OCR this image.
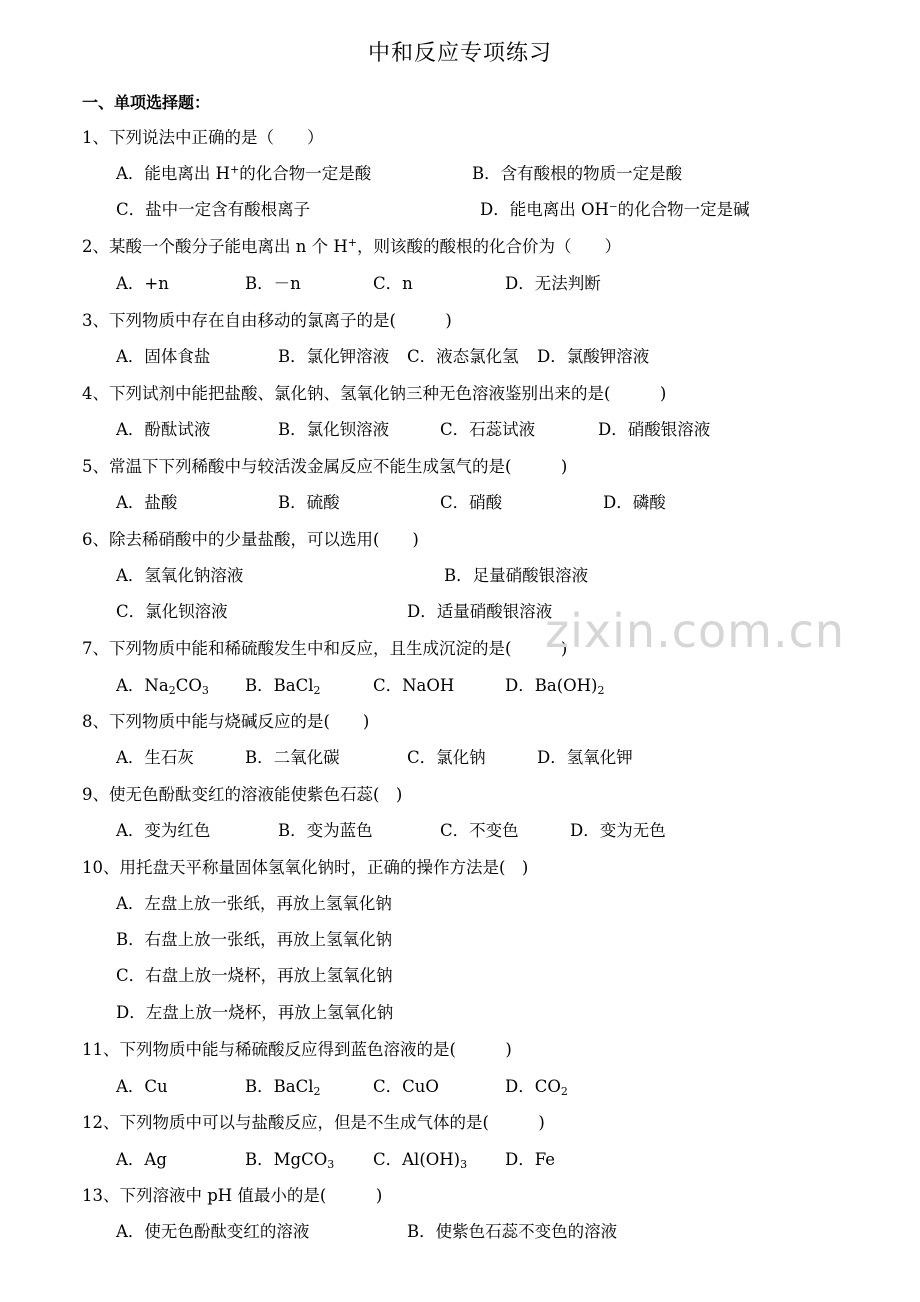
中和反应专项练习
一、单项选择题：
1、下列说法中正确的是（　　）
A．能电离出 H+的化合物一定是酸	B．含有酸根的物质一定是酸
C．盐中一定含有酸根离子	D．能电离出 OH⁻的化合物一定是碱
2、某酸一个酸分子能电离出 n 个 H+，则该酸的酸根的化合价为（　　）
A．+n	B．－n	C．n	D．无法判断
3、下列物质中存在自由移动的氯离子的是(　　　)
A．固体食盐	B．氯化钾溶液 C．液态氯化氢 D．氯酸钾溶液
4、下列试剂中能把盐酸、氯化钠、氢氧化钠三种无色溶液鉴别出来的是(　　　)
A．酚酞试液	B．氯化钡溶液	C．石蕊试液	D．硝酸银溶液
5、常温下下列稀酸中与较活泼金属反应不能生成氢气的是(　　　)
A．盐酸	B．硫酸	C．硝酸	D．磷酸
6、除去稀硝酸中的少量盐酸，可以选用(　　)
A．氢氧化钠溶液	B．足量硝酸银溶液
C．氯化钡溶液	D．适量硝酸银溶液
7、下列物质中能和稀硫酸发生中和反应，且生成沉淀的是(　　　)
A．$Na_2CO_3$ B．BaCl$_2$	C．NaOH	D．$Ba(OH)_2$
8、下列物质中能与烧碱反应的是(　　)
A．生石灰	B．二氧化碳	C．氯化钠	D．氢氧化钾
9、使无色酚酞变红的溶液能使紫色石蕊(　)
A．变为红色	B．变为蓝色	C．不变色	D．变为无色
10、用托盘天平称量固体氢氧化钠时，正确的操作方法是(　)
A．左盘上放一张纸，再放上氢氧化钠
B．右盘上放一张纸，再放上氢氧化钠
C．右盘上放一烧杯，再放上氢氧化钠
D．左盘上放一烧杯，再放上氢氧化钠
11、下列物质中能与稀硫酸反应得到蓝色溶液的是(　　　)
A．Cu	B．BaCl$_2$	C．CuO	D．$CO_2$
12、下列物质中可以与盐酸反应，但是不生成气体的是(　　　)
A．Ag	B．MgCO$_3$ C．$Al(OH)_3$ D．Fe
13、下列溶液中 pH 值最小的是(　　　)
A．使无色酚酞变红的溶液	B．使紫色石蕊不变色的溶液
zixin.com.cn
